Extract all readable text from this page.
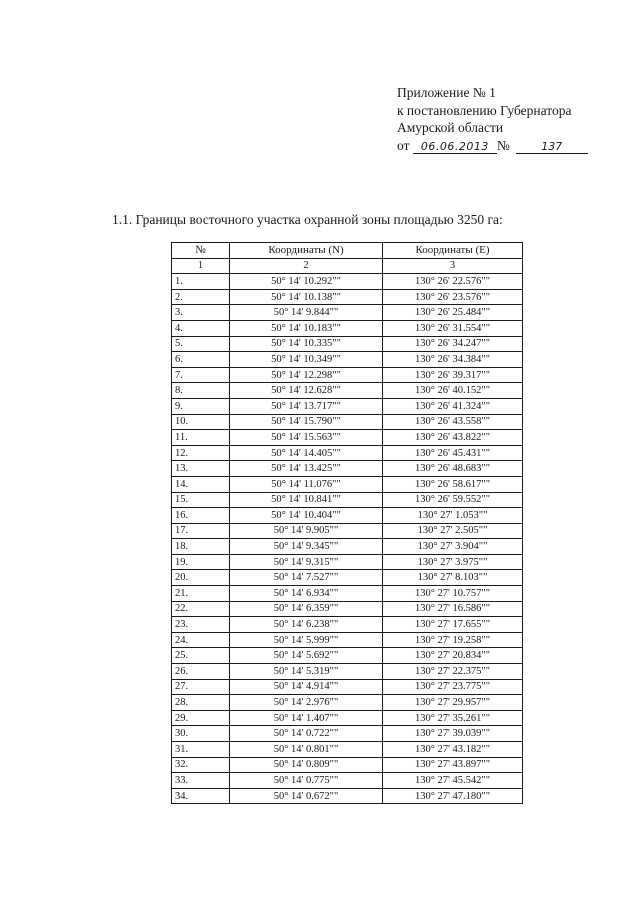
Приложение № 1
к постановлению Губернатора
Амурской области
от 06.06.2013 №	137
1.1. Границы восточного участка охранной зоны площадью 3250 га:
№	Координаты (N)	Координаты (E)
1	2	3
1.	50° 14' 10.292""	130° 26' 22.576""
2.	50° 14' 10.138""	130° 26' 23.576""
3.	50° 14' 9.844""	130° 26' 25.484""
4.	50° 14' 10.183""	130° 26' 31.554""
5.	50° 14' 10.335""	130° 26' 34.247""
6.	50° 14' 10.349""	130° 26' 34.384""
7.	50° 14' 12.298""	130° 26' 39.317""
8.	50° 14' 12.628""	130° 26' 40.152""
9.	50° 14' 13.717""	130° 26' 41.324""
10.	50° 14' 15.790""	130° 26' 43.558""
11.	50° 14' 15.563""	130° 26' 43.822""
12.	50° 14' 14.405""	130° 26' 45.431""
13.	50° 14' 13.425""	130° 26' 48.683""
14.	50° 14' 11.076""	130° 26' 58.617""
15.	50° 14' 10.841""	130° 26' 59.552""
16.	50° 14' 10.404""	130° 27' 1.053""
17.	50° 14' 9.905""	130° 27' 2.505""
18.	50° 14' 9.345""	130° 27' 3.904""
19.	50° 14' 9.315""	130° 27' 3.975""
20.	50° 14' 7.527""	130° 27' 8.103""
21.	50° 14' 6.934""	130° 27' 10.757""
22.	50° 14' 6.359""	130° 27' 16.586""
23.	50° 14' 6.238""	130° 27' 17.655""
24.	50° 14' 5.999""	130° 27' 19.258""
25.	50° 14' 5.692""	130° 27' 20.834""
26.	50° 14' 5.319""	130° 27' 22.375""
27.	50° 14' 4.914""	130° 27' 23.775""
28.	50° 14' 2.976""	130° 27' 29.957""
29.	50° 14' 1.407""	130° 27' 35.261""
30.	50° 14' 0.722""	130° 27' 39.039""
31.	50° 14' 0.801""	130° 27' 43.182""
32.	50° 14' 0.809""	130° 27' 43.897""
33.	50° 14' 0.775""	130° 27' 45.542""
34.	50° 14' 0.672""	130° 27' 47.180""
